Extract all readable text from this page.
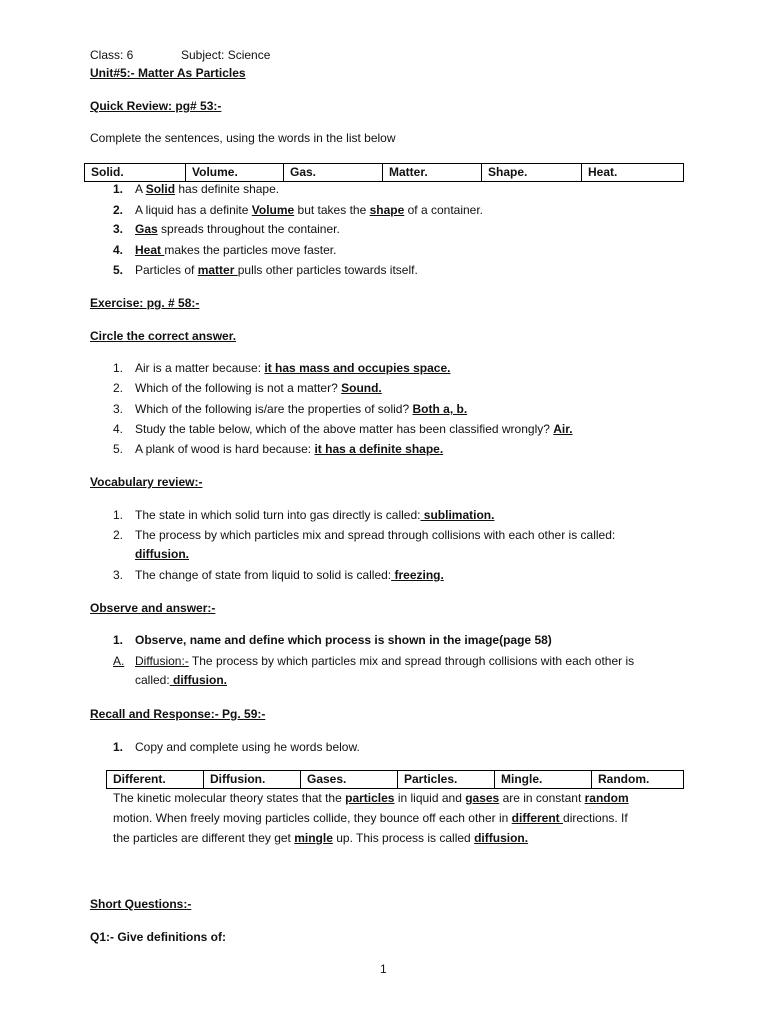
Class: 6	Subject: Science
Unit#5:- Matter As Particles
Quick Review: pg# 53:-
Complete the sentences, using the words in the list below
Solid.	Volume.	Gas.	Matter.	Shape.	Heat.
1. A Solid has definite shape.
2. A liquid has a definite Volume but takes the shape of a container.
3. Gas spreads throughout the container.
4. Heat makes the particles move faster.
5. Particles of matter pulls other particles towards itself.
Exercise: pg. # 58:-
Circle the correct answer.
1. Air is a matter because: it has mass and occupies space.
2. Which of the following is not a matter? Sound.
3. Which of the following is/are the properties of solid? Both a, b.
4. Study the table below, which of the above matter has been classified wrongly? Air.
5. A plank of wood is hard because: it has a definite shape.
Vocabulary review:-
1. The state in which solid turn into gas directly is called: sublimation.
2. The process by which particles mix and spread through collisions with each other is called:
diffusion.
3. The change of state from liquid to solid is called: freezing.
Observe and answer:-
1. Observe, name and define which process is shown in the image(page 58)
A. Diffusion:- The process by which particles mix and spread through collisions with each other is
called: diffusion.
Recall and Response:- Pg. 59:-
1. Copy and complete using he words below.
Different.	Diffusion.	Gases.	Particles.	Mingle.	Random.
The kinetic molecular theory states that the particles in liquid and gases are in constant random
motion. When freely moving particles collide, they bounce off each other in different directions. If
the particles are different they get mingle up. This process is called diffusion.
Short Questions:-
Q1:- Give definitions of:
1
